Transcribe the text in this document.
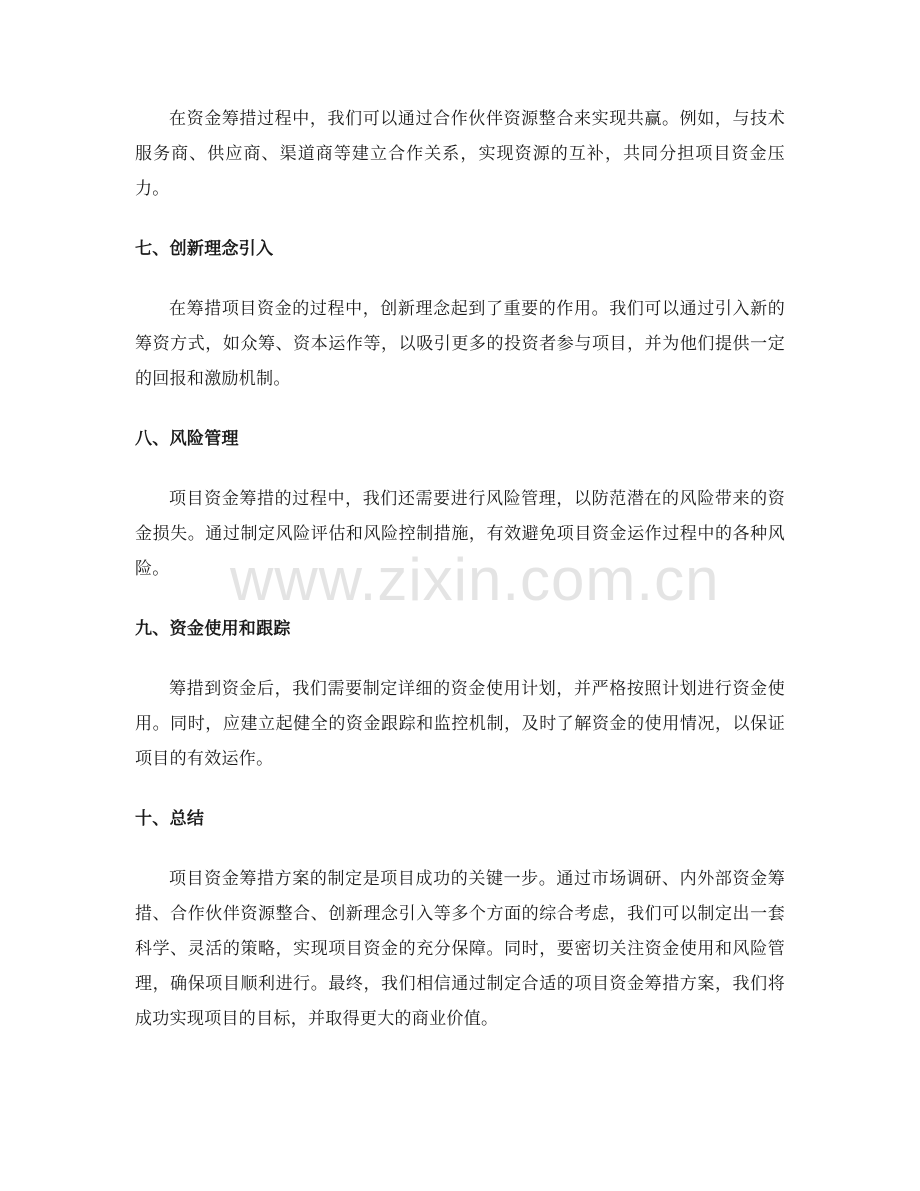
在资金筹措过程中，我们可以通过合作伙伴资源整合来实现共赢。例如，与技术服务商、供应商、渠道商等建立合作关系，实现资源的互补，共同分担项目资金压力。

七、创新理念引入

在筹措项目资金的过程中，创新理念起到了重要的作用。我们可以通过引入新的筹资方式，如众筹、资本运作等，以吸引更多的投资者参与项目，并为他们提供一定的回报和激励机制。

八、风险管理

项目资金筹措的过程中，我们还需要进行风险管理，以防范潜在的风险带来的资金损失。通过制定风险评估和风险控制措施，有效避免项目资金运作过程中的各种风险。

九、资金使用和跟踪

筹措到资金后，我们需要制定详细的资金使用计划，并严格按照计划进行资金使用。同时，应建立起健全的资金跟踪和监控机制，及时了解资金的使用情况，以保证项目的有效运作。

十、总结

项目资金筹措方案的制定是项目成功的关键一步。通过市场调研、内外部资金筹措、合作伙伴资源整合、创新理念引入等多个方面的综合考虑，我们可以制定出一套科学、灵活的策略，实现项目资金的充分保障。同时，要密切关注资金使用和风险管理，确保项目顺利进行。最终，我们相信通过制定合适的项目资金筹措方案，我们将成功实现项目的目标，并取得更大的商业价值。

www.zixin.com.cn
